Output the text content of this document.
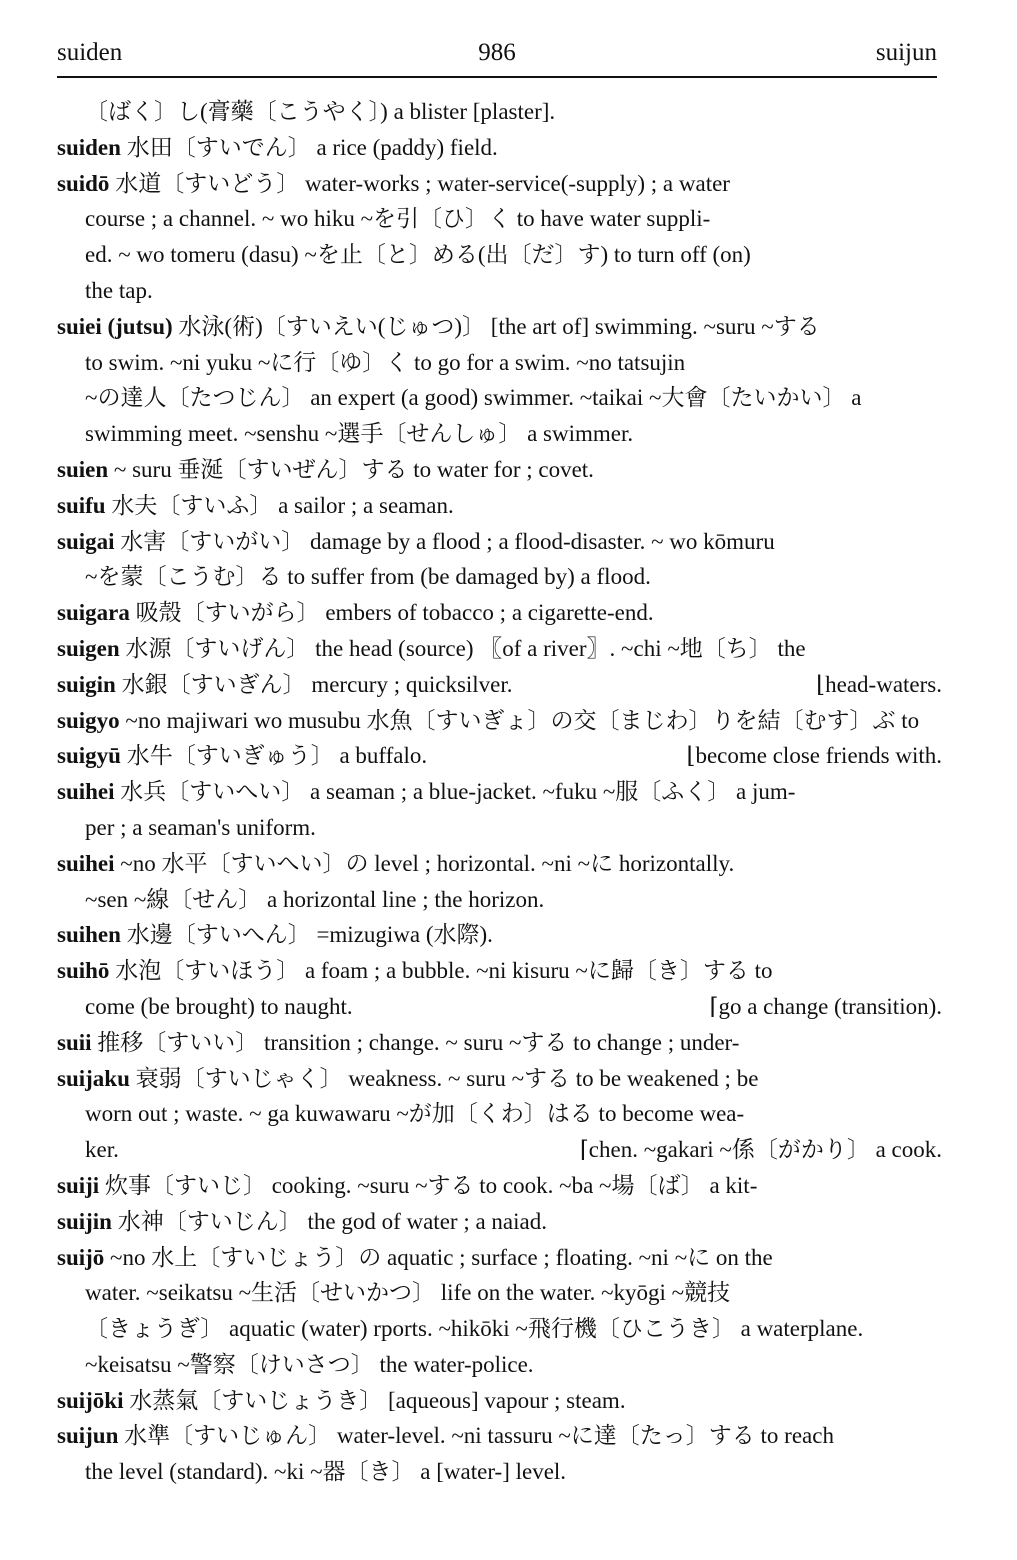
suiden	986	suijun
〔ばく〕し(膏藥〔こうやく〕) a blister [plaster].
suiden 水田〔すいでん〕 a rice (paddy) field.
suidō 水道〔すいどう〕 water-works ; water-service(-supply) ; a water
course ; a channel. ~ wo hiku ~を引〔ひ〕く to have water suppli-
ed. ~ wo tomeru (dasu) ~を止〔と〕める(出〔だ〕す) to turn off (on)
the tap.
suiei (jutsu) 水泳(術)〔すいえい(じゅつ)〕 [the art of] swimming. ~suru ~する
to swim. ~ni yuku ~に行〔ゆ〕く to go for a swim. ~no tatsujin
~の達人〔たつじん〕 an expert (a good) swimmer. ~taikai ~大會〔たいかい〕 a
swimming meet. ~senshu ~選手〔せんしゅ〕 a swimmer.
suien ~ suru 垂涎〔すいぜん〕する to water for ; covet.
suifu 水夫〔すいふ〕 a sailor ; a seaman.
suigai 水害〔すいがい〕 damage by a flood ; a flood-disaster. ~ wo kōmuru
~を蒙〔こうむ〕る to suffer from (be damaged by) a flood.
suigara 吸殼〔すいがら〕 embers of tobacco ; a cigarette-end.
suigen 水源〔すいげん〕 the head (source) 〖of a river〗. ~chi ~地〔ち〕 the
⌊head-waters.
suigin 水銀〔すいぎん〕 mercury ; quicksilver.
suigyo ~no majiwari wo musubu 水魚〔すいぎょ〕の交〔まじわ〕りを結〔むす〕ぶ to
⌊become close friends with.
suigyū 水牛〔すいぎゅう〕 a buffalo.
suihei 水兵〔すいへい〕 a seaman ; a blue-jacket. ~fuku ~服〔ふく〕 a jum-
per ; a seaman's uniform.
suihei ~no 水平〔すいへい〕の level ; horizontal. ~ni ~に horizontally.
~sen ~線〔せん〕 a horizontal line ; the horizon.
suihen 水邊〔すいへん〕 =mizugiwa (水際).
suihō 水泡〔すいほう〕 a foam ; a bubble. ~ni kisuru ~に歸〔き〕する to
⌈go a change (transition).
come (be brought) to naught.
suii 推移〔すいい〕 transition ; change. ~ suru ~する to change ; under-
suijaku 衰弱〔すいじゃく〕 weakness. ~ suru ~する to be weakened ; be
worn out ; waste. ~ ga kuwawaru ~が加〔くわ〕はる to become wea-
⌈chen. ~gakari ~係〔がかり〕 a cook.
ker.
suiji 炊事〔すいじ〕 cooking. ~suru ~する to cook. ~ba ~場〔ば〕 a kit-
suijin 水神〔すいじん〕 the god of water ; a naiad.
suijō ~no 水上〔すいじょう〕の aquatic ; surface ; floating. ~ni ~に on the
water. ~seikatsu ~生活〔せいかつ〕 life on the water. ~kyōgi ~競技
〔きょうぎ〕 aquatic (water) rports. ~hikōki ~飛行機〔ひこうき〕 a waterplane.
~keisatsu ~警察〔けいさつ〕 the water-police.
suijōki 水蒸氣〔すいじょうき〕 [aqueous] vapour ; steam.
suijun 水準〔すいじゅん〕 water-level. ~ni tassuru ~に達〔たっ〕する to reach
the level (standard). ~ki ~器〔き〕 a [water-] level.
